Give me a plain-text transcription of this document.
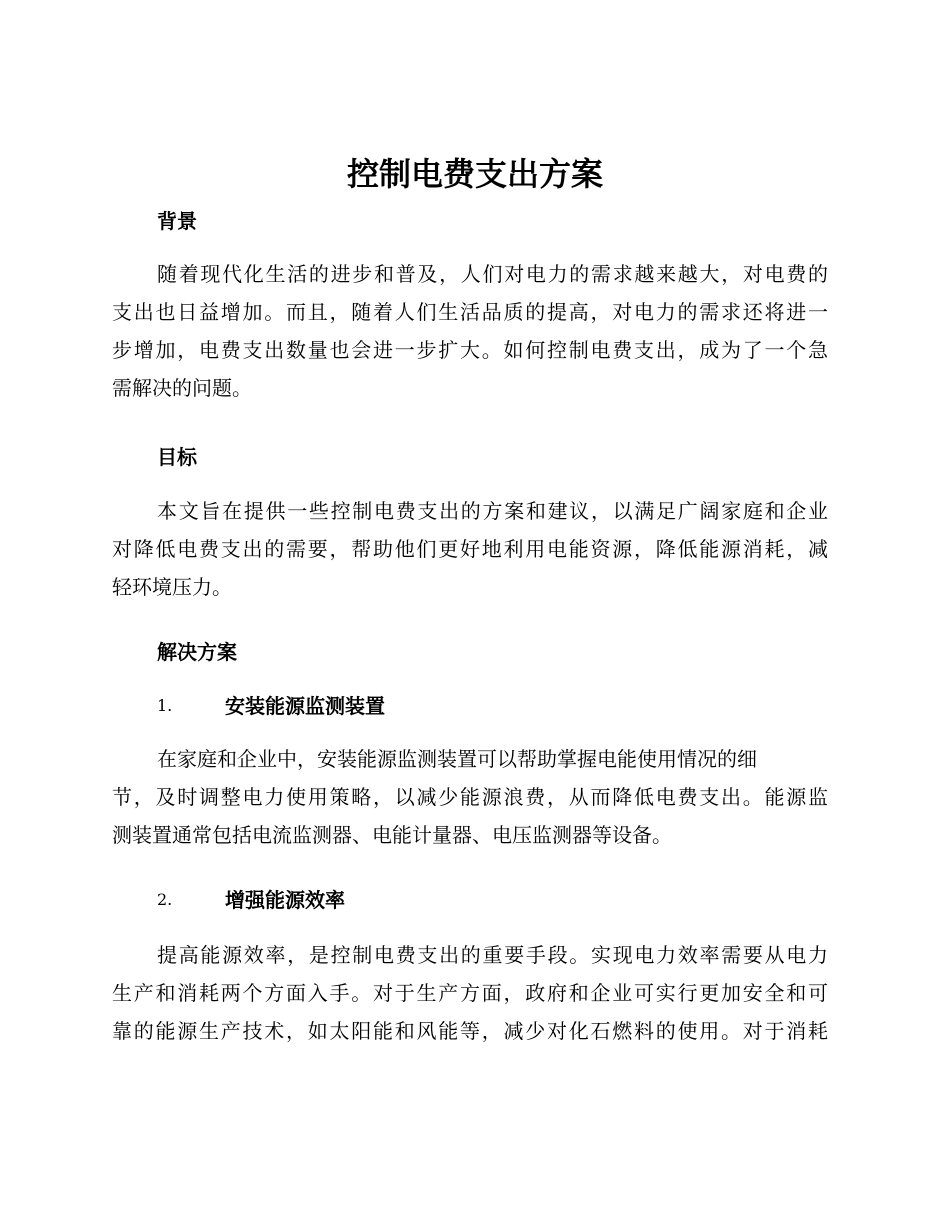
控制电费支出方案
背景
随着现代化生活的进步和普及，人们对电力的需求越来越大，对电费的
支出也日益增加。而且，随着人们生活品质的提高，对电力的需求还将进一
步增加，电费支出数量也会进一步扩大。如何控制电费支出，成为了一个急
需解决的问题。
目标
本文旨在提供一些控制电费支出的方案和建议，以满足广阔家庭和企业
对降低电费支出的需要，帮助他们更好地利用电能资源，降低能源消耗，减
轻环境压力。
解决方案
1.	安装能源监测装置
在家庭和企业中，安装能源监测装置可以帮助掌握电能使用情况的细
节，及时调整电力使用策略，以减少能源浪费，从而降低电费支出。能源监
测装置通常包括电流监测器、电能计量器、电压监测器等设备。
2.	增强能源效率
提高能源效率，是控制电费支出的重要手段。实现电力效率需要从电力
生产和消耗两个方面入手。对于生产方面，政府和企业可实行更加安全和可
靠的能源生产技术，如太阳能和风能等，减少对化石燃料的使用。对于消耗
